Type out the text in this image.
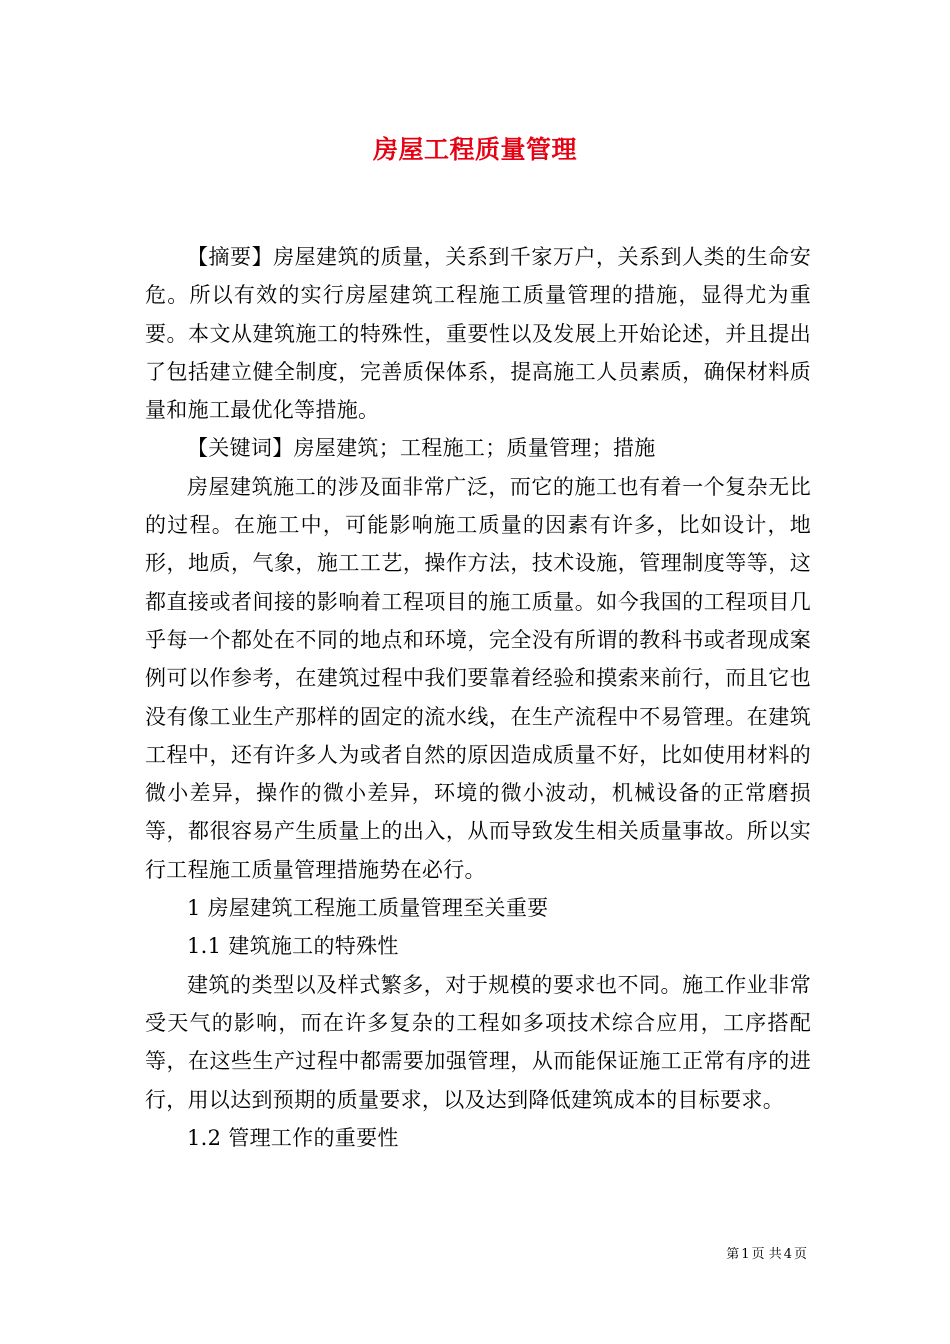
房屋工程质量管理

【摘要】房屋建筑的质量，关系到千家万户，关系到人类的生命安危。所以有效的实行房屋建筑工程施工质量管理的措施，显得尤为重要。本文从建筑施工的特殊性，重要性以及发展上开始论述，并且提出了包括建立健全制度，完善质保体系，提高施工人员素质，确保材料质量和施工最优化等措施。

【关键词】房屋建筑；工程施工；质量管理；措施

房屋建筑施工的涉及面非常广泛，而它的施工也有着一个复杂无比的过程。在施工中，可能影响施工质量的因素有许多，比如设计，地形，地质，气象，施工工艺，操作方法，技术设施，管理制度等等，这都直接或者间接的影响着工程项目的施工质量。如今我国的工程项目几乎每一个都处在不同的地点和环境，完全没有所谓的教科书或者现成案例可以作参考，在建筑过程中我们要靠着经验和摸索来前行，而且它也没有像工业生产那样的固定的流水线，在生产流程中不易管理。在建筑工程中，还有许多人为或者自然的原因造成质量不好，比如使用材料的微小差异，操作的微小差异，环境的微小波动，机械设备的正常磨损等，都很容易产生质量上的出入，从而导致发生相关质量事故。所以实行工程施工质量管理措施势在必行。

1 房屋建筑工程施工质量管理至关重要

1.1 建筑施工的特殊性

建筑的类型以及样式繁多，对于规模的要求也不同。施工作业非常受天气的影响，而在许多复杂的工程如多项技术综合应用，工序搭配等，在这些生产过程中都需要加强管理，从而能保证施工正常有序的进行，用以达到预期的质量要求，以及达到降低建筑成本的目标要求。

1.2 管理工作的重要性

第 1 页 共 4 页
